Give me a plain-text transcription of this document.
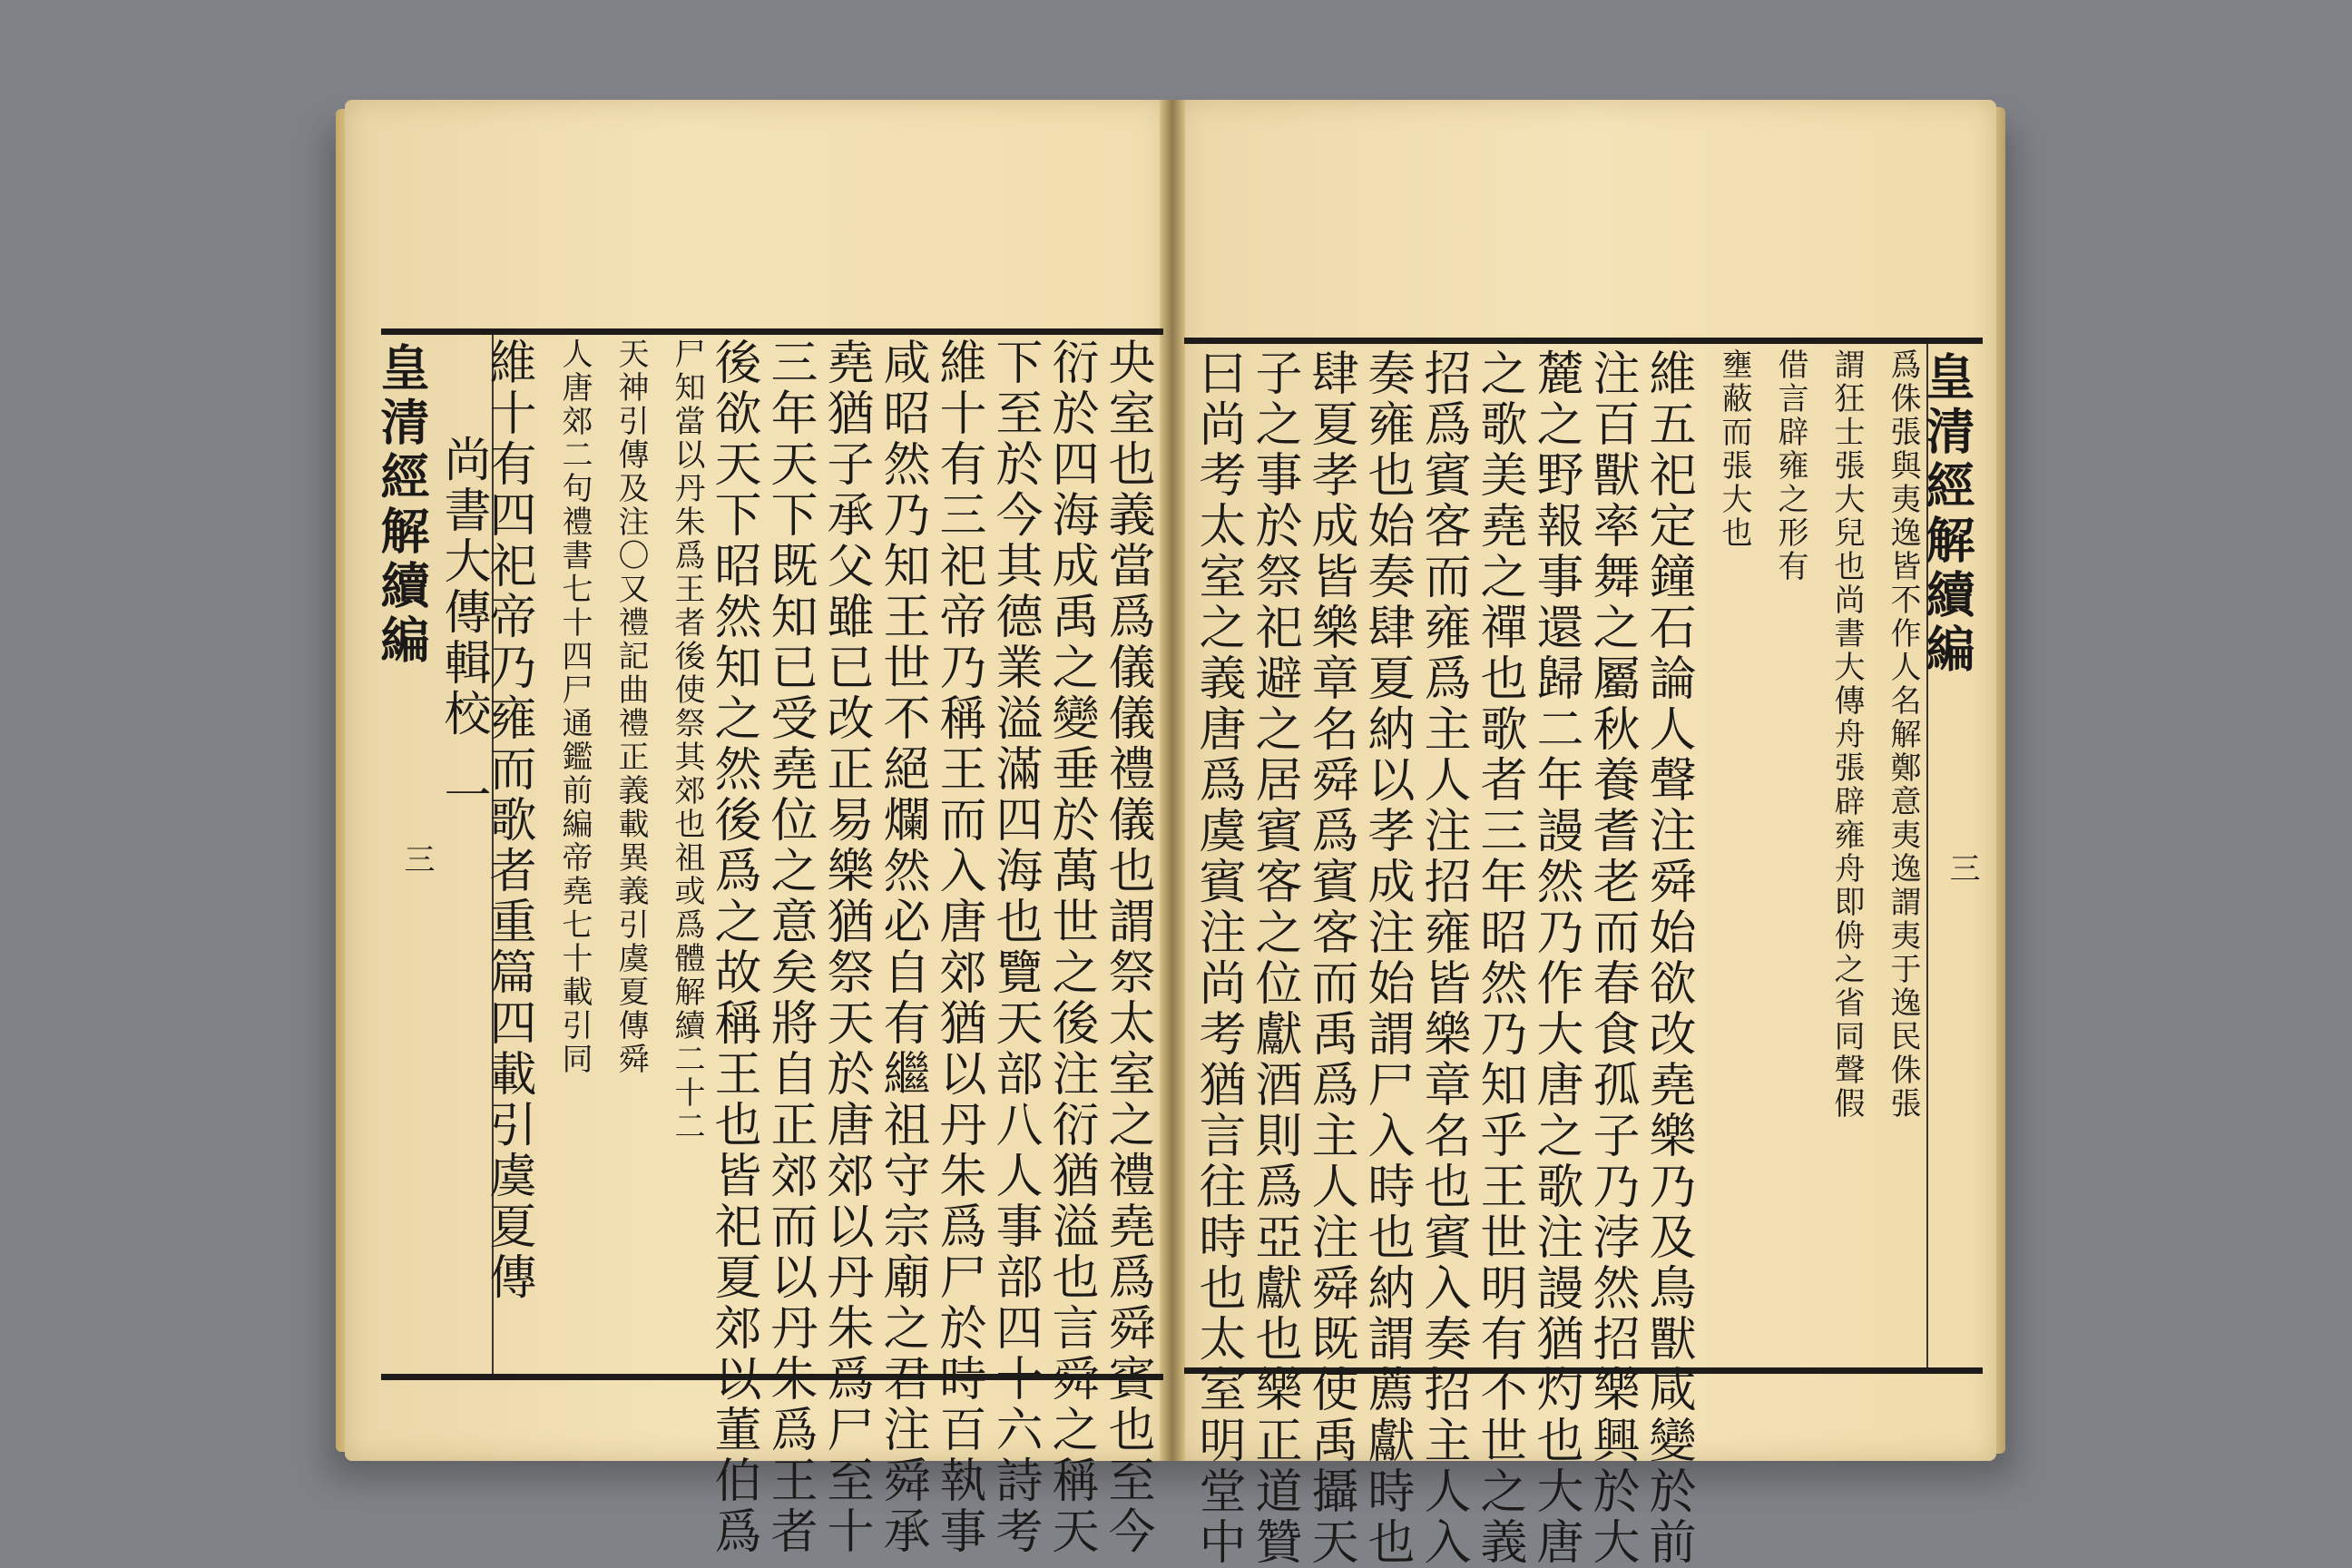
皇清經解續編
三
尚書大傳輯校
一	央室也義當爲儀儀禮儀也謂祭太室之禮堯爲舜賓也至今
衍於四海成禹之變垂於萬世之後注衍猶溢也言舜之稱天
下至於今其德業溢滿四海也覽天部八人事部四十六詩考
維十有三祀帝乃稱王而入唐郊猶以丹朱爲尸於時百執事
咸昭然乃知王世不絕爛然必自有繼祖守宗廟之君注舜承
堯猶子承父雖已改正易樂猶祭天於唐郊以丹朱爲尸至十
三年天下既知已受堯位之意矣將自正郊而以丹朱爲王者
後欲天下昭然知之然後爲之故稱王也皆祀夏郊以董伯爲
尸知當以丹朱爲王者後使祭其郊也祖或爲體解續二十二
天神引傳及注〇又禮記曲禮正義載異義引虞夏傳舜
人唐郊二句禮書七十四尸通鑑前編帝堯七十載引同
維十有四祀帝乃雍而歌者重篇四載引虞夏傳	皇清經解續編
三
爲侏張與夷逸皆不作人名解鄭意夷逸謂夷于逸民侏張
謂狂士張大兒也尚書大傳舟張辟雍舟即侜之省同聲假
借言辟雍之形有
壅蔽而張大也
維五祀定鐘石論人聲注舜始欲改堯樂乃及鳥獸咸變於前
注百獸率舞之屬秋養耆老而春食孤子乃浡然招樂興於大
麓之野報事還歸二年謾然乃作大唐之歌注謾猶灼也大唐
之歌美堯之禪也歌者三年昭然乃知乎王世明有不世之義
招爲賓客而雍爲主人注招雍皆樂章名也賓入奏招主人入
奏雍也始奏肆夏納以孝成注始謂尸入時也納謂薦獻時也
肆夏孝成皆樂章名舜爲賓客而禹爲主人注舜既使禹攝天
子之事於祭祀避之居賓客之位獻酒則爲亞獻也樂正道贊
曰尚考太室之義唐爲虞賓注尚考猶言往時也太室明堂中
